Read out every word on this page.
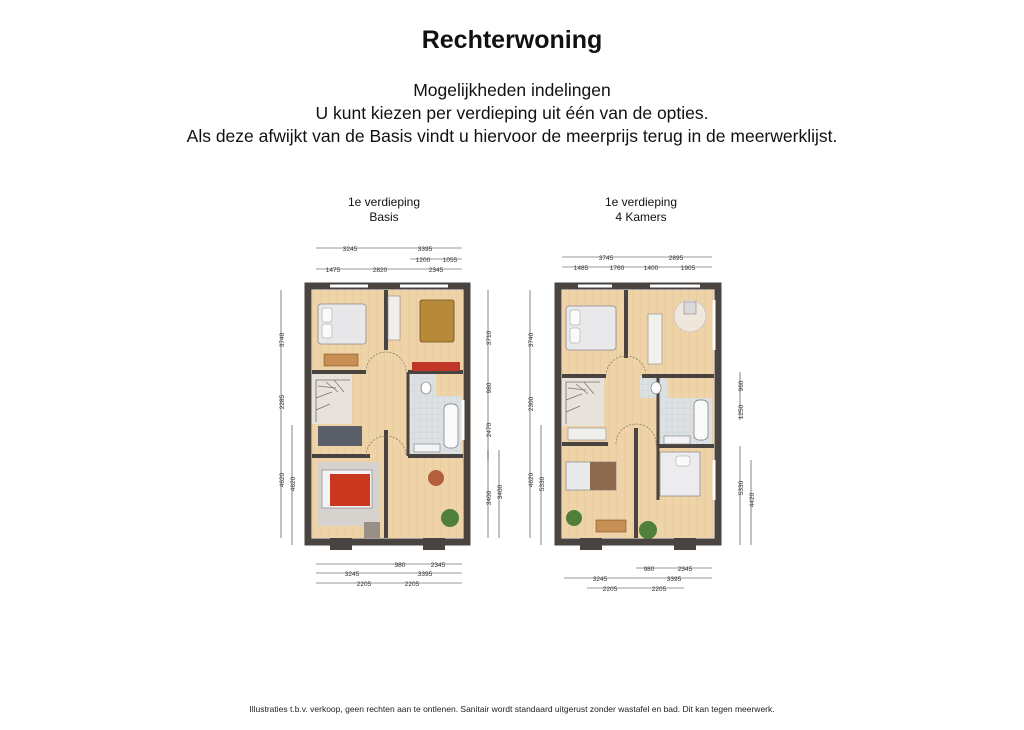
Rechterwoning
Mogelijkheden indelingen
U kunt kiezen per verdieping uit één van de opties.
Als deze afwijkt van de Basis vindt u hiervoor de meerprijs terug in de meerwerklijst.
1e verdieping
Basis
1e verdieping
4 Kamers
3245	3395
1200 1055
1475	2820	2345
980	2345
3245	3395
2205	2205
3740
2285
4620 4620
3710
980
2470
3400 3400
3745	2895
1485	1760	1400	1905
980	2345
3245	3395
2205	2205
3740
2300
4620 5330
960
1250
5330
4420
Illustraties t.b.v. verkoop, geen rechten aan te ontlenen. Sanitair wordt standaard uitgerust zonder wastafel en bad. Dit kan tegen meerwerk.
